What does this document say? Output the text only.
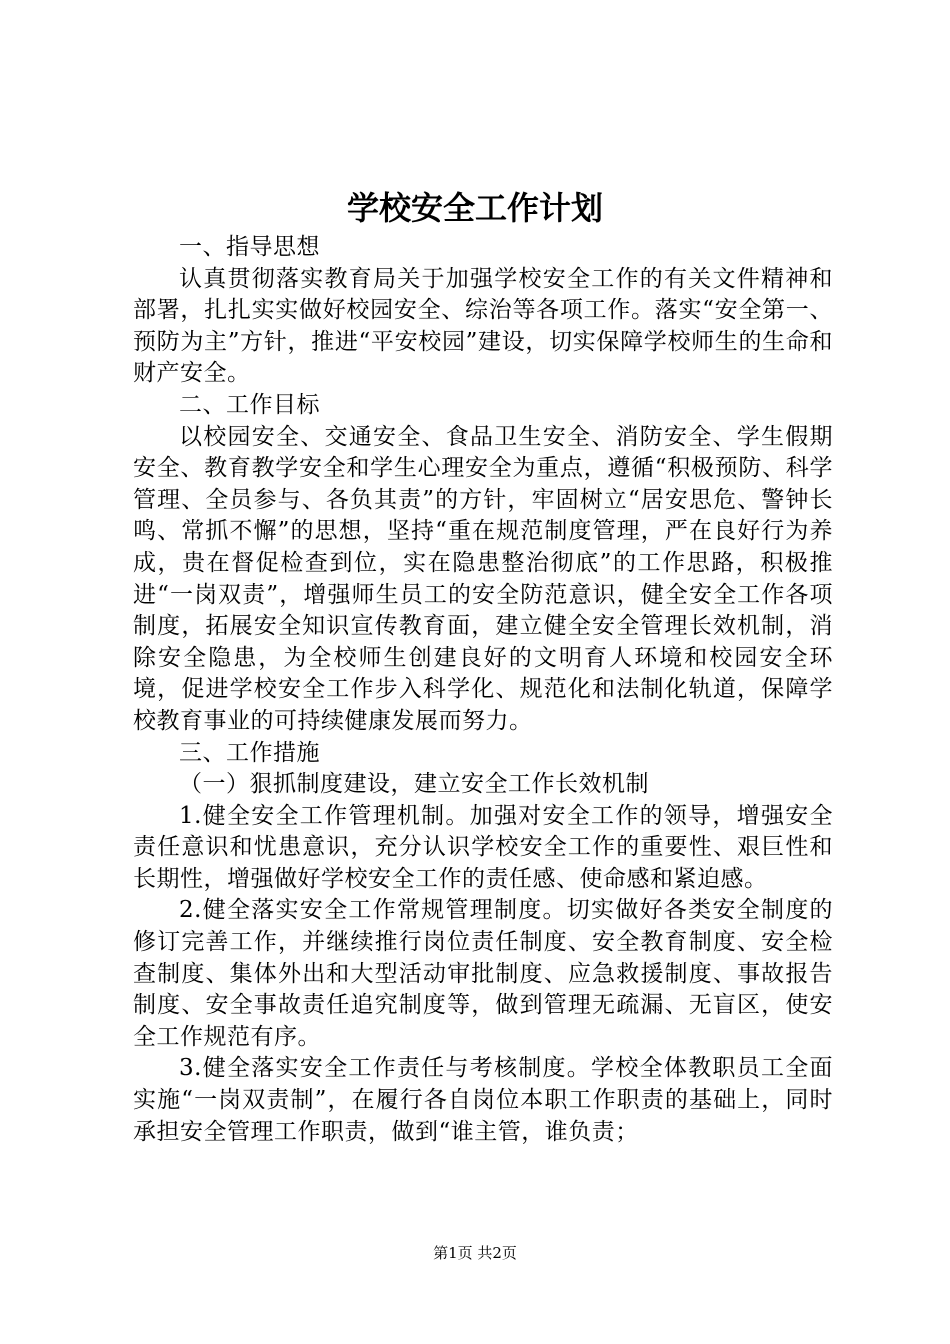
学校安全工作计划

一、指导思想

认真贯彻落实教育局关于加强学校安全工作的有关文件精神和部署，扎扎实实做好校园安全、综治等各项工作。落实“安全第一、预防为主”方针，推进“平安校园”建设，切实保障学校师生的生命和财产安全。

二、工作目标

以校园安全、交通安全、食品卫生安全、消防安全、学生假期安全、教育教学安全和学生心理安全为重点，遵循“积极预防、科学管理、全员参与、各负其责”的方针，牢固树立“居安思危、警钟长鸣、常抓不懈”的思想，坚持“重在规范制度管理，严在良好行为养成，贵在督促检查到位，实在隐患整治彻底”的工作思路，积极推进“一岗双责”，增强师生员工的安全防范意识，健全安全工作各项制度，拓展安全知识宣传教育面，建立健全安全管理长效机制，消除安全隐患，为全校师生创建良好的文明育人环境和校园安全环境，促进学校安全工作步入科学化、规范化和法制化轨道，保障学校教育事业的可持续健康发展而努力。

三、工作措施

（一）狠抓制度建设，建立安全工作长效机制

1.健全安全工作管理机制。加强对安全工作的领导，增强安全责任意识和忧患意识，充分认识学校安全工作的重要性、艰巨性和长期性，增强做好学校安全工作的责任感、使命感和紧迫感。

2.健全落实安全工作常规管理制度。切实做好各类安全制度的修订完善工作，并继续推行岗位责任制度、安全教育制度、安全检查制度、集体外出和大型活动审批制度、应急救援制度、事故报告制度、安全事故责任追究制度等，做到管理无疏漏、无盲区，使安全工作规范有序。

3.健全落实安全工作责任与考核制度。学校全体教职员工全面实施“一岗双责制”，在履行各自岗位本职工作职责的基础上，同时承担安全管理工作职责，做到“谁主管，谁负责；

第1页 共2页
